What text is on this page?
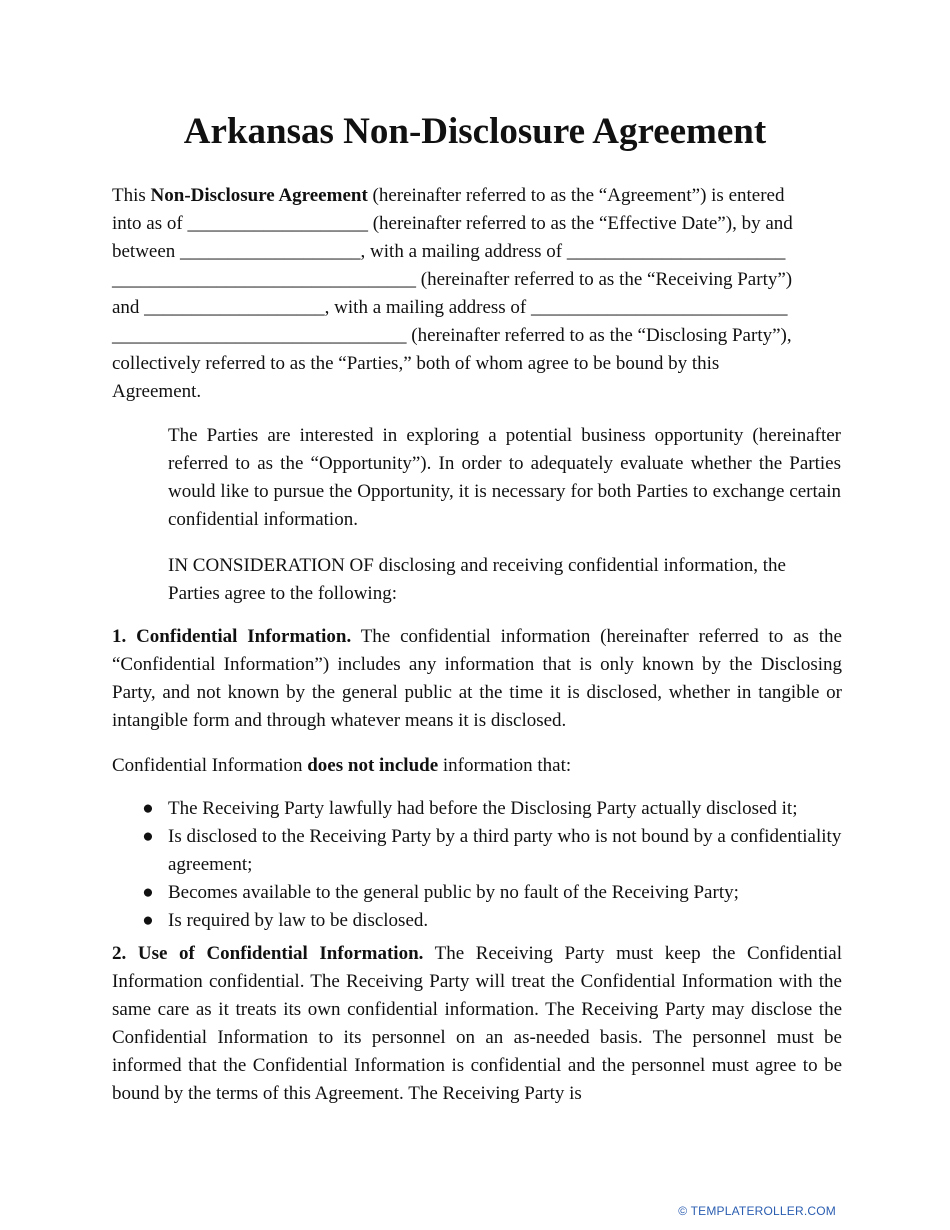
Arkansas Non-Disclosure Agreement

This Non-Disclosure Agreement (hereinafter referred to as the “Agreement”) is entered
into as of ___________________ (hereinafter referred to as the “Effective Date”), by and
between ___________________, with a mailing address of _______________________
________________________________ (hereinafter referred to as the “Receiving Party”)
and ___________________, with a mailing address of ___________________________
_______________________________ (hereinafter referred to as the “Disclosing Party”),
collectively referred to as the “Parties,” both of whom agree to be bound by this
Agreement.

The Parties are interested in exploring a potential business opportunity (hereinafter referred to as the “Opportunity”). In order to adequately evaluate whether the Parties would like to pursue the Opportunity, it is necessary for both Parties to exchange certain confidential information.

IN CONSIDERATION OF disclosing and receiving confidential information, the Parties agree to the following:

1. Confidential Information. The confidential information (hereinafter referred to as the “Confidential Information”) includes any information that is only known by the Disclosing Party, and not known by the general public at the time it is disclosed, whether in tangible or intangible form and through whatever means it is disclosed.

Confidential Information does not include information that:

● The Receiving Party lawfully had before the Disclosing Party actually disclosed it;
● Is disclosed to the Receiving Party by a third party who is not bound by a confidentiality agreement;
● Becomes available to the general public by no fault of the Receiving Party;
● Is required by law to be disclosed.

2. Use of Confidential Information. The Receiving Party must keep the Confidential Information confidential. The Receiving Party will treat the Confidential Information with the same care as it treats its own confidential information. The Receiving Party may disclose the Confidential Information to its personnel on an as-needed basis. The personnel must be informed that the Confidential Information is confidential and the personnel must agree to be bound by the terms of this Agreement. The Receiving Party is

© TEMPLATEROLLER.COM
